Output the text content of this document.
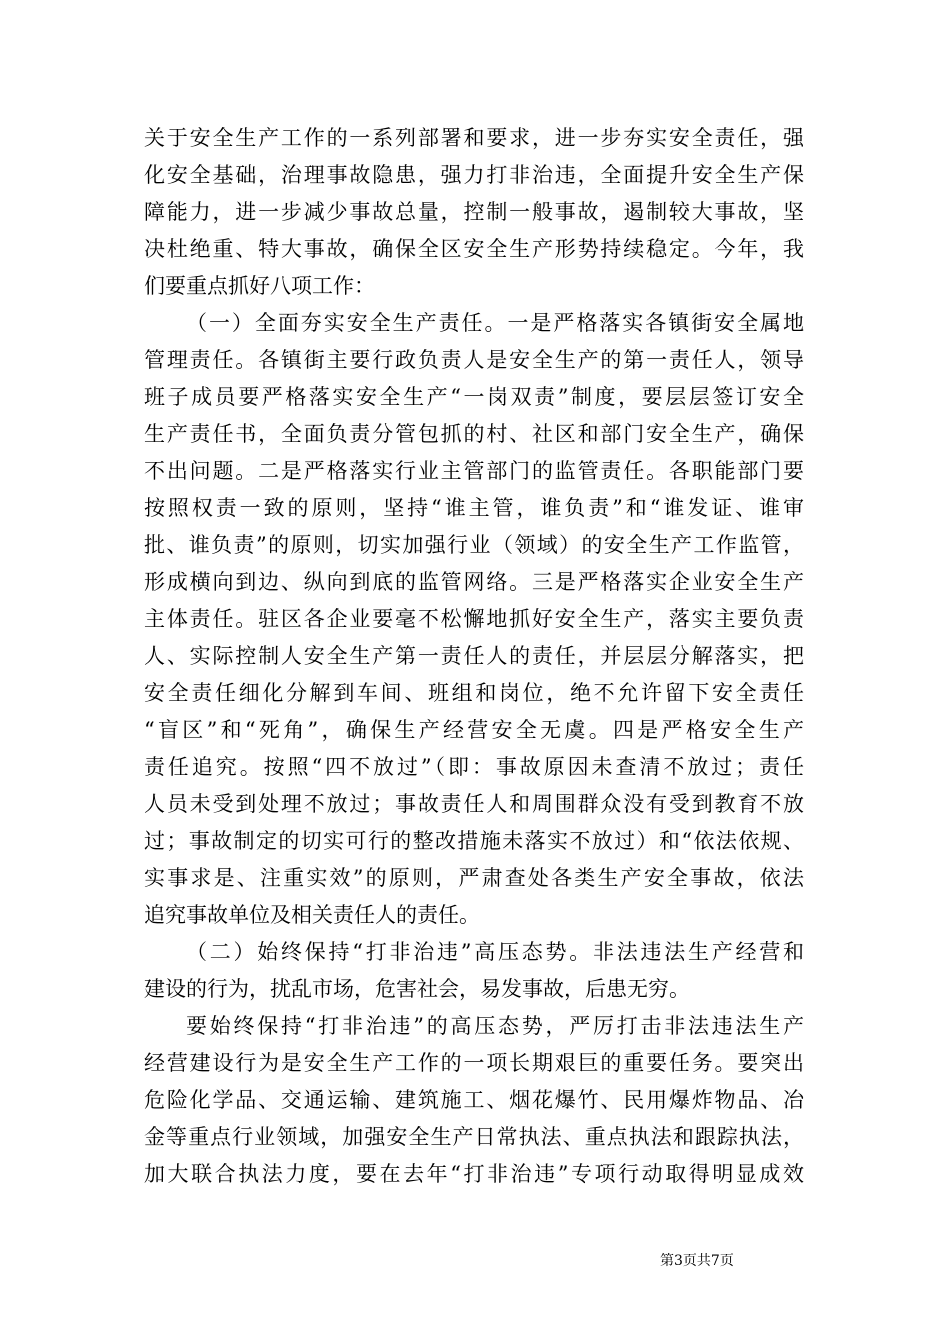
关于安全生产工作的一系列部署和要求，进一步夯实安全责任，强
化安全基础，治理事故隐患，强力打非治违，全面提升安全生产保
障能力，进一步减少事故总量，控制一般事故，遏制较大事故，坚
决杜绝重、特大事故，确保全区安全生产形势持续稳定。今年，我
们要重点抓好八项工作：
（一）全面夯实安全生产责任。一是严格落实各镇街安全属地
管理责任。各镇街主要行政负责人是安全生产的第一责任人，领导
班子成员要严格落实安全生产“一岗双责”制度，要层层签订安全
生产责任书，全面负责分管包抓的村、社区和部门安全生产，确保
不出问题。二是严格落实行业主管部门的监管责任。各职能部门要
按照权责一致的原则，坚持“谁主管，谁负责”和“谁发证、谁审
批、谁负责”的原则，切实加强行业（领域）的安全生产工作监管，
形成横向到边、纵向到底的监管网络。三是严格落实企业安全生产
主体责任。驻区各企业要毫不松懈地抓好安全生产，落实主要负责
人、实际控制人安全生产第一责任人的责任，并层层分解落实，把
安全责任细化分解到车间、班组和岗位，绝不允许留下安全责任
“盲区”和“死角”，确保生产经营安全无虞。四是严格安全生产
责任追究。按照“四不放过”（即：事故原因未查清不放过；责任
人员未受到处理不放过；事故责任人和周围群众没有受到教育不放
过；事故制定的切实可行的整改措施未落实不放过）和“依法依规、
实事求是、注重实效”的原则，严肃查处各类生产安全事故，依法
追究事故单位及相关责任人的责任。
（二）始终保持“打非治违”高压态势。非法违法生产经营和
建设的行为，扰乱市场，危害社会，易发事故，后患无穷。
要始终保持“打非治违”的高压态势，严厉打击非法违法生产
经营建设行为是安全生产工作的一项长期艰巨的重要任务。要突出
危险化学品、交通运输、建筑施工、烟花爆竹、民用爆炸物品、冶
金等重点行业领域，加强安全生产日常执法、重点执法和跟踪执法，
加大联合执法力度，要在去年“打非治违”专项行动取得明显成效
第3页共7页
